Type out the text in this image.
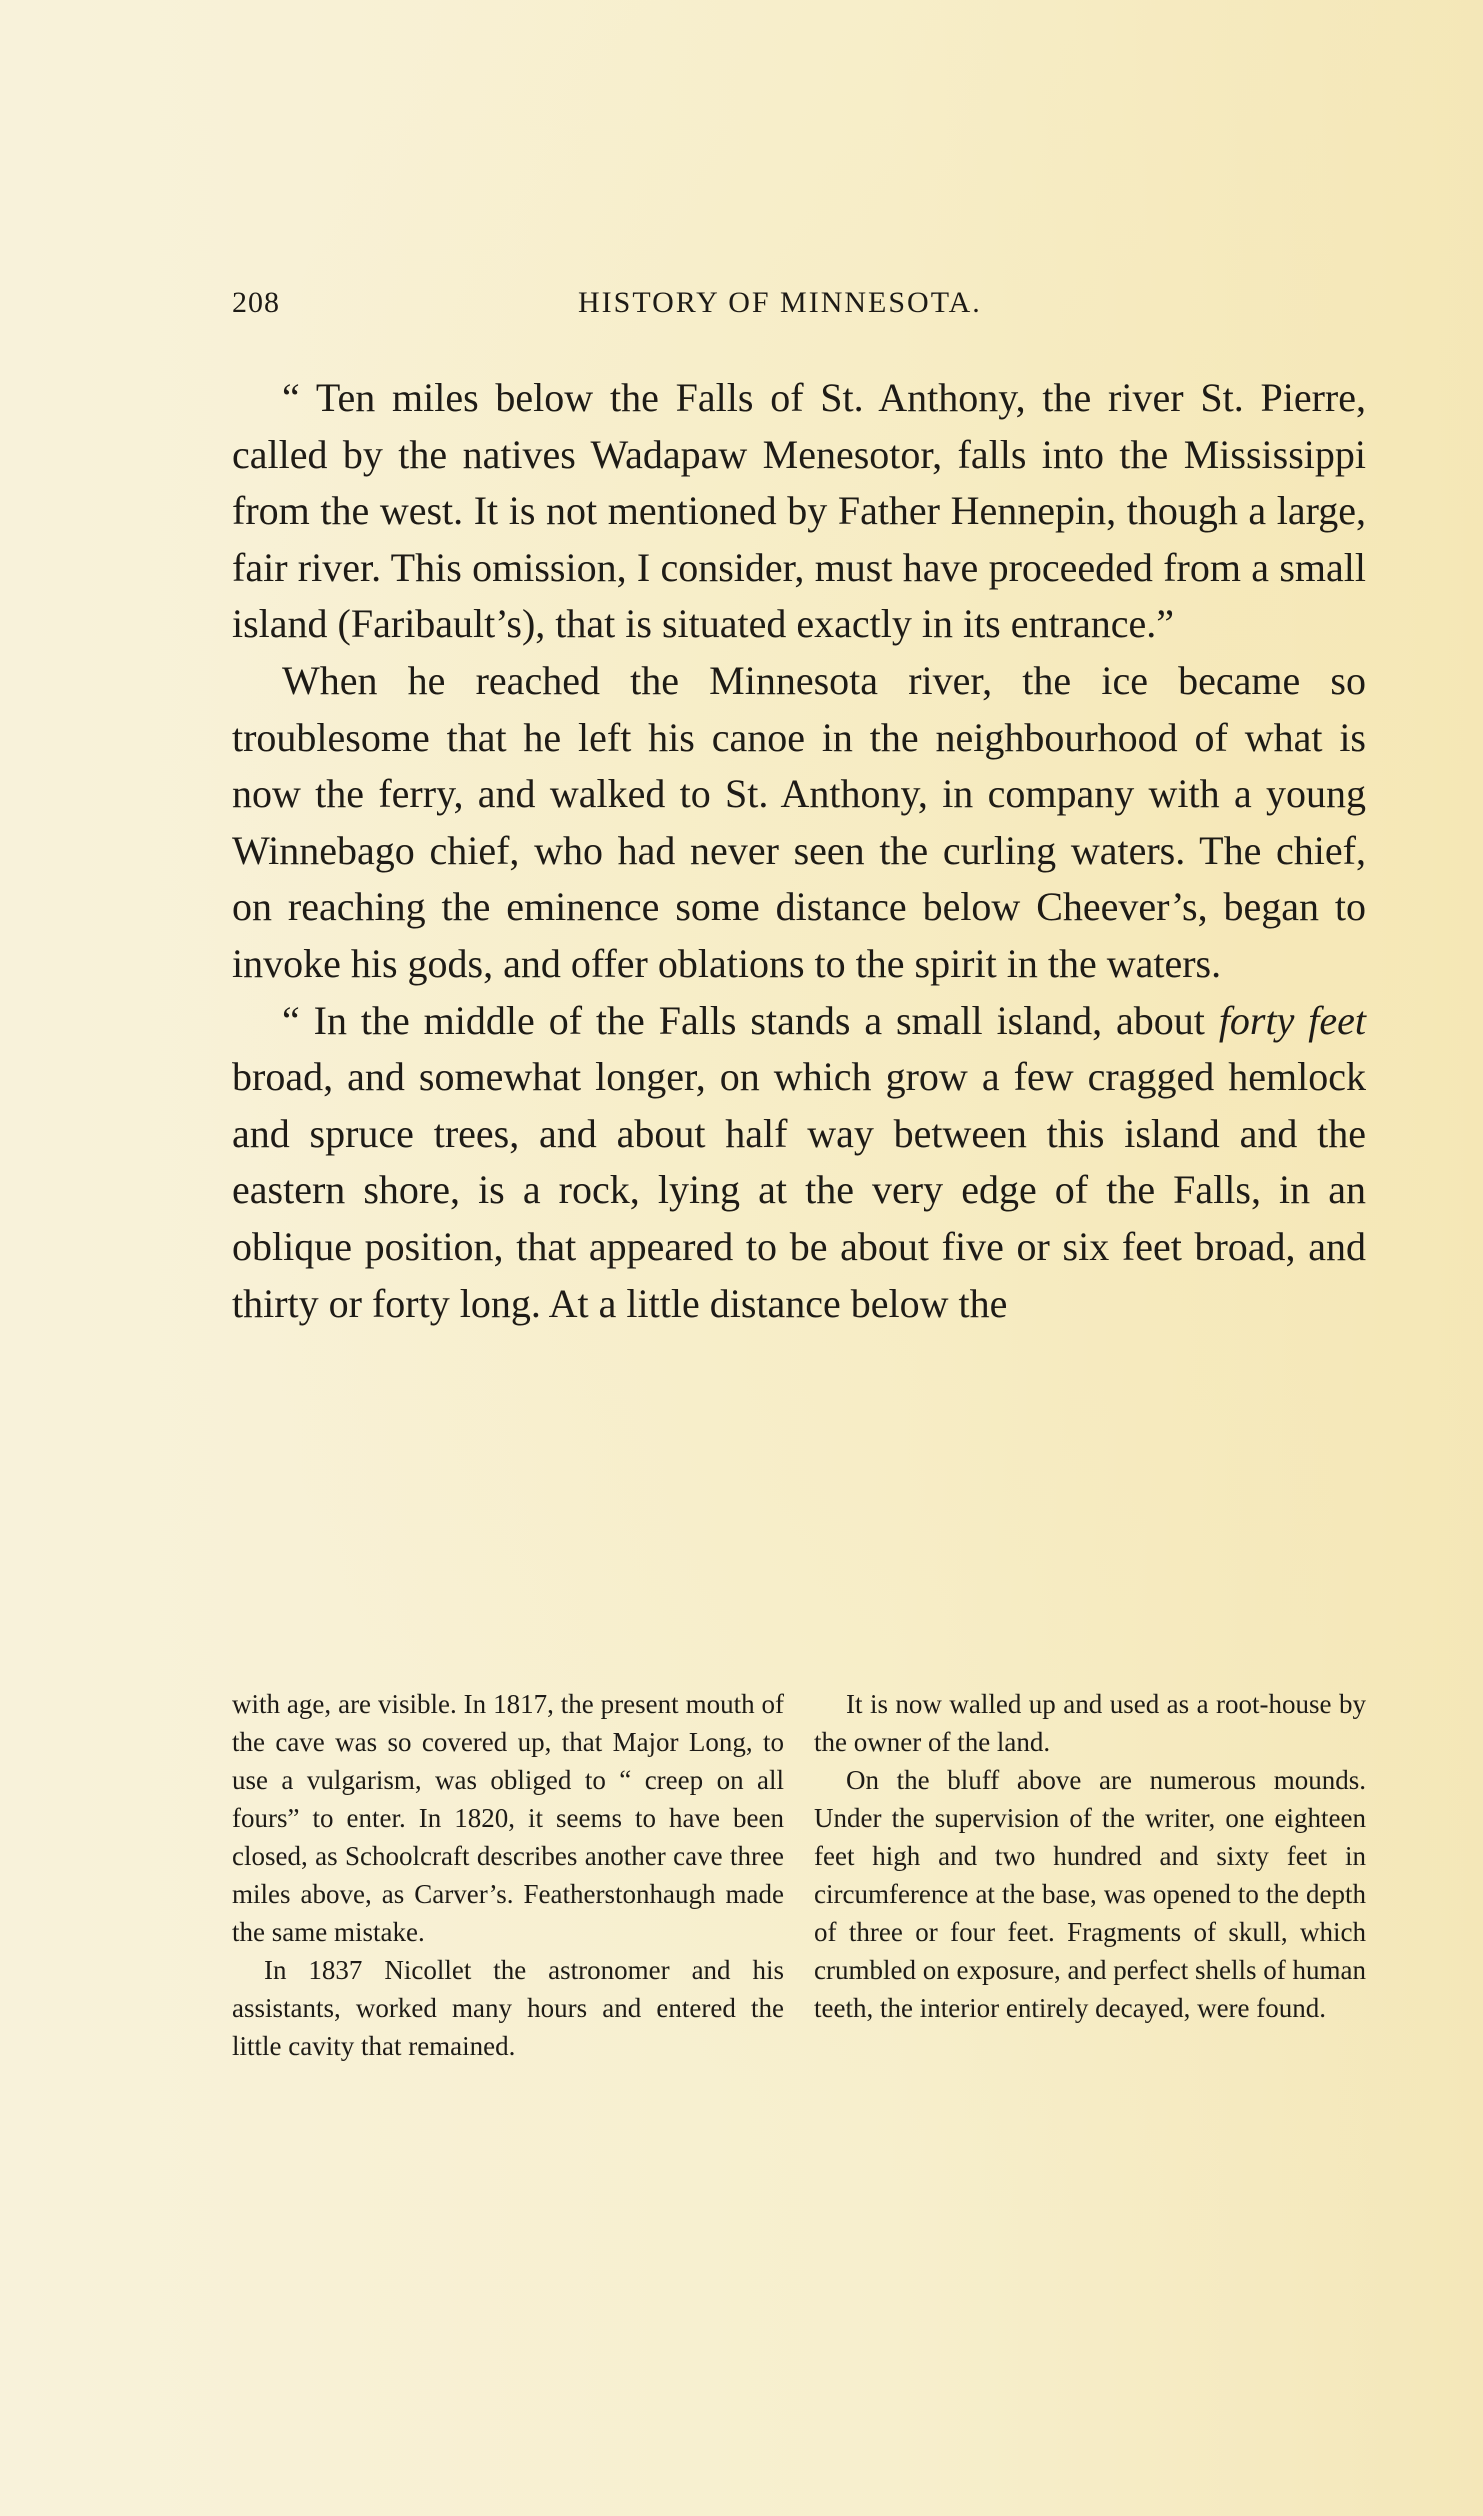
208	HISTORY OF MINNESOTA.

“ Ten miles below the Falls of St. Anthony, the river St. Pierre, called by the natives Wadapaw Menesotor, falls into the Mississippi from the west. It is not mentioned by Father Hennepin, though a large, fair river. This omission, I consider, must have proceeded from a small island (Faribault’s), that is situated exactly in its entrance.”

When he reached the Minnesota river, the ice became so troublesome that he left his canoe in the neighbourhood of what is now the ferry, and walked to St. Anthony, in company with a young Winnebago chief, who had never seen the curling waters. The chief, on reaching the eminence some distance below Cheever’s, began to invoke his gods, and offer oblations to the spirit in the waters.

“ In the middle of the Falls stands a small island, about forty feet broad, and somewhat longer, on which grow a few cragged hemlock and spruce trees, and about half way between this island and the eastern shore, is a rock, lying at the very edge of the Falls, in an oblique position, that appeared to be about five or six feet broad, and thirty or forty long. At a little distance below the

with age, are visible. In 1817, the present mouth of the cave was so covered up, that Major Long, to use a vulgarism, was obliged to “ creep on all fours” to enter. In 1820, it seems to have been closed, as Schoolcraft describes another cave three miles above, as Carver’s. Featherstonhaugh made the same mistake.

In 1837 Nicollet the astronomer and his assistants, worked many hours and entered the little cavity that remained.

It is now walled up and used as a root-house by the owner of the land.

On the bluff above are numerous mounds. Under the supervision of the writer, one eighteen feet high and two hundred and sixty feet in circumference at the base, was opened to the depth of three or four feet. Fragments of skull, which crumbled on exposure, and perfect shells of human teeth, the interior entirely decayed, were found.
